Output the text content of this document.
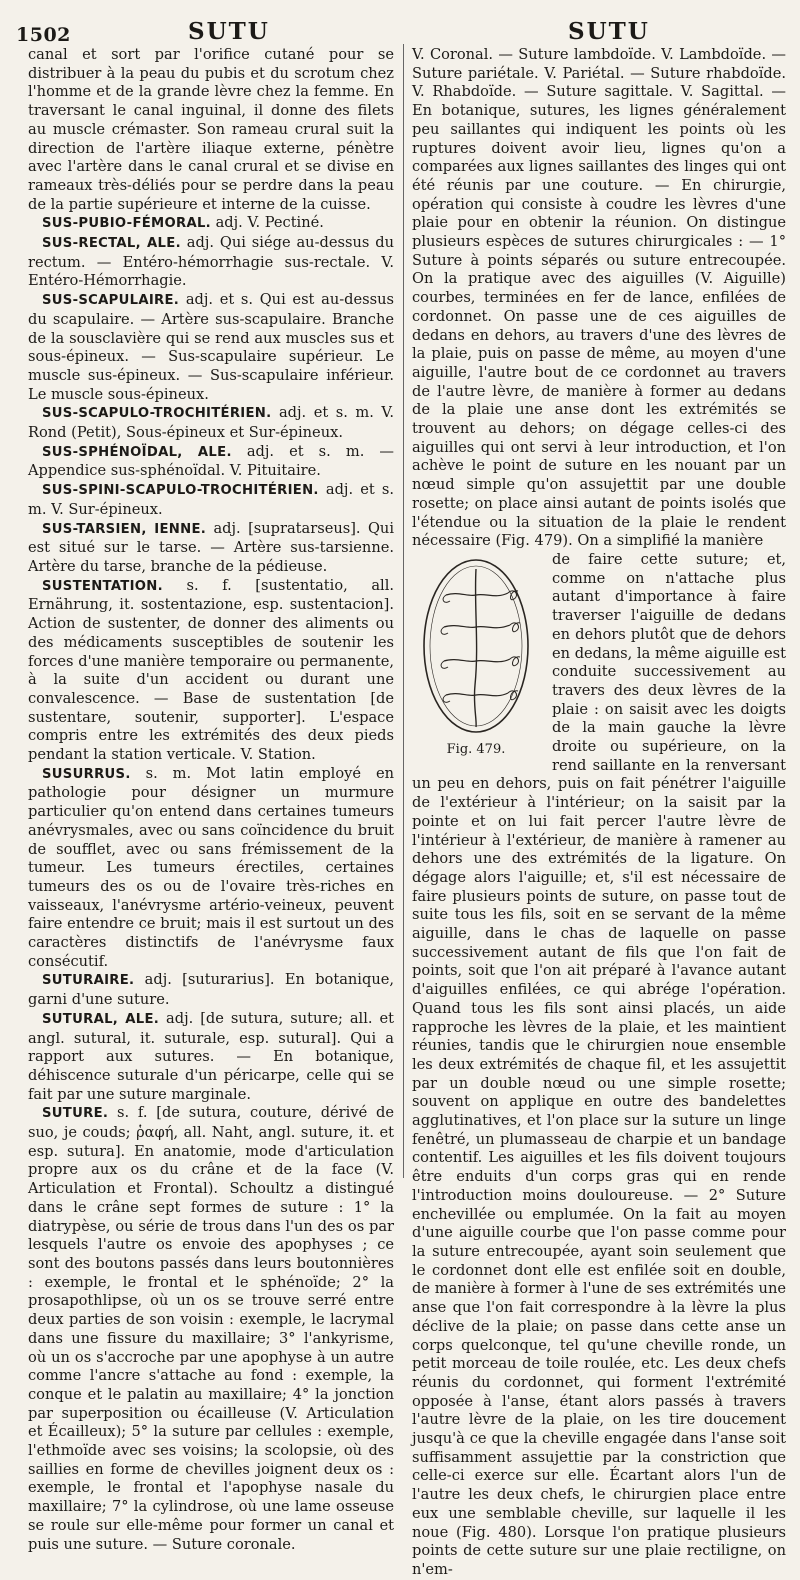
1502	SUTU	SUTU

canal et sort par l'orifice cutané pour se distribuer à la peau du pubis et du scrotum chez l'homme et de la grande lèvre chez la femme. En traversant le canal inguinal, il donne des filets au muscle crémaster. Son rameau crural suit la direction de l'artère iliaque externe, pénètre avec l'artère dans le canal crural et se divise en rameaux très-déliés pour se perdre dans la peau de la partie supérieure et interne de la cuisse.

SUS-PUBIO-FÉMORAL. adj. V. Pectiné.

SUS-RECTAL, ALE. adj. Qui siége au-dessus du rectum. — Entéro-hémorrhagie sus-rectale. V. Entéro-Hémorrhagie.

SUS-SCAPULAIRE. adj. et s. Qui est au-dessus du scapulaire. — Artère sus-scapulaire. Branche de la sousclavière qui se rend aux muscles sus et sous-épineux. — Sus-scapulaire supérieur. Le muscle sus-épineux. — Sus-scapulaire inférieur. Le muscle sous-épineux.

SUS-SCAPULO-TROCHITÉRIEN. adj. et s. m. V. Rond (Petit), Sous-épineux et Sur-épineux.

SUS-SPHÉNOÏDAL, ALE. adj. et s. m. — Appendice sus-sphénoïdal. V. Pituitaire.

SUS-SPINI-SCAPULO-TROCHITÉRIEN. adj. et s. m. V. Sur-épineux.

SUS-TARSIEN, IENNE. adj. [supratarseus]. Qui est situé sur le tarse. — Artère sus-tarsienne. Artère du tarse, branche de la pédieuse.

SUSTENTATION. s. f. [sustentatio, all. Ernährung, it. sostentazione, esp. sustentacion]. Action de sustenter, de donner des aliments ou des médicaments susceptibles de soutenir les forces d'une manière temporaire ou permanente, à la suite d'un accident ou durant une convalescence. — Base de sustentation [de sustentare, soutenir, supporter]. L'espace compris entre les extrémités des deux pieds pendant la station verticale. V. Station.

SUSURRUS. s. m. Mot latin employé en pathologie pour désigner un murmure particulier qu'on entend dans certaines tumeurs anévrysmales, avec ou sans coïncidence du bruit de soufflet, avec ou sans frémissement de la tumeur. Les tumeurs érectiles, certaines tumeurs des os ou de l'ovaire très-riches en vaisseaux, l'anévrysme artério-veineux, peuvent faire entendre ce bruit; mais il est surtout un des caractères distinctifs de l'anévrysme faux consécutif.

SUTURAIRE. adj. [suturarius]. En botanique, garni d'une suture.

SUTURAL, ALE. adj. [de sutura, suture; all. et angl. sutural, it. suturale, esp. sutural]. Qui a rapport aux sutures. — En botanique, déhiscence suturale d'un péricarpe, celle qui se fait par une suture marginale.

SUTURE. s. f. [de sutura, couture, dérivé de suo, je couds; ῥαφή, all. Naht, angl. suture, it. et esp. sutura]. En anatomie, mode d'articulation propre aux os du crâne et de la face (V. Articulation et Frontal). Schoultz a distingué dans le crâne sept formes de suture : 1° la diatrypèse, ou série de trous dans l'un des os par lesquels l'autre os envoie des apophyses ; ce sont des boutons passés dans leurs boutonnières : exemple, le frontal et le sphénoïde; 2° la prosapothlipse, où un os se trouve serré entre deux parties de son voisin : exemple, le lacrymal dans une fissure du maxillaire; 3° l'ankyrisme, où un os s'accroche par une apophyse à un autre comme l'ancre s'attache au fond : exemple, la conque et le palatin au maxillaire; 4° la jonction par superposition ou écailleuse (V. Articulation et Écailleux); 5° la suture par cellules : exemple, l'ethmoïde avec ses voisins; la scolopsie, où des saillies en forme de chevilles joignent deux os : exemple, le frontal et l'apophyse nasale du maxillaire; 7° la cylindrose, où une lame osseuse se roule sur elle-même pour former un canal et puis une suture. — Suture coronale.

V. Coronal. — Suture lambdoïde. V. Lambdoïde. — Suture pariétale. V. Pariétal. — Suture rhabdoïde. V. Rhabdoïde. — Suture sagittale. V. Sagittal. — En botanique, sutures, les lignes généralement peu saillantes qui indiquent les points où les ruptures doivent avoir lieu, lignes qu'on a comparées aux lignes saillantes des linges qui ont été réunis par une couture. — En chirurgie, opération qui consiste à coudre les lèvres d'une plaie pour en obtenir la réunion. On distingue plusieurs espèces de sutures chirurgicales : — 1° Suture à points séparés ou suture entrecoupée. On la pratique avec des aiguilles (V. Aiguille) courbes, terminées en fer de lance, enfilées de cordonnet. On passe une de ces aiguilles de dedans en dehors, au travers d'une des lèvres de la plaie, puis on passe de même, au moyen d'une aiguille, l'autre bout de ce cordonnet au travers de l'autre lèvre, de manière à former au dedans de la plaie une anse dont les extrémités se trouvent au dehors; on dégage celles-ci des aiguilles qui ont servi à leur introduction, et l'on achève le point de suture en les nouant par un nœud simple qu'on assujettit par une double rosette; on place ainsi autant de points isolés que l'étendue ou la situation de la plaie le rendent nécessaire (Fig. 479). On a simplifié la manière

Fig. 479.

de faire cette suture; et, comme on n'attache plus autant d'importance à faire traverser l'aiguille de dedans en dehors plutôt que de dehors en dedans, la même aiguille est conduite successivement au travers des deux lèvres de la plaie : on saisit avec les doigts de la main gauche la lèvre droite ou supérieure, on la rend saillante en la renversant un peu en dehors, puis on fait pénétrer l'aiguille de l'extérieur à l'intérieur; on la saisit par la pointe et on lui fait percer l'autre lèvre de l'intérieur à l'extérieur, de manière à ramener au dehors une des extrémités de la ligature. On dégage alors l'aiguille; et, s'il est nécessaire de faire plusieurs points de suture, on passe tout de suite tous les fils, soit en se servant de la même aiguille, dans le chas de laquelle on passe successivement autant de fils que l'on fait de points, soit que l'on ait préparé à l'avance autant d'aiguilles enfilées, ce qui abrége l'opération. Quand tous les fils sont ainsi placés, un aide rapproche les lèvres de la plaie, et les maintient réunies, tandis que le chirurgien noue ensemble les deux extrémités de chaque fil, et les assujettit par un double nœud ou une simple rosette; souvent on applique en outre des bandelettes agglutinatives, et l'on place sur la suture un linge fenêtré, un plumasseau de charpie et un bandage contentif. Les aiguilles et les fils doivent toujours être enduits d'un corps gras qui en rende l'introduction moins douloureuse. — 2° Suture enchevillée ou emplumée. On la fait au moyen d'une aiguille courbe que l'on passe comme pour la suture entrecoupée, ayant soin seulement que le cordonnet dont elle est enfilée soit en double, de manière à former à l'une de ses extrémités une anse que l'on fait correspondre à la lèvre la plus déclive de la plaie; on passe dans cette anse un corps quelconque, tel qu'une cheville ronde, un petit morceau de toile roulée, etc. Les deux chefs réunis du cordonnet, qui forment l'extrémité opposée à l'anse, étant alors passés à travers l'autre lèvre de la plaie, on les tire doucement jusqu'à ce que la cheville engagée dans l'anse soit suffisamment assujettie par la constriction que celle-ci exerce sur elle. Écartant alors l'un de l'autre les deux chefs, le chirurgien place entre eux une semblable cheville, sur laquelle il les noue (Fig. 480). Lorsque l'on pratique plusieurs points de cette suture sur une plaie rectiligne, on n'em-
